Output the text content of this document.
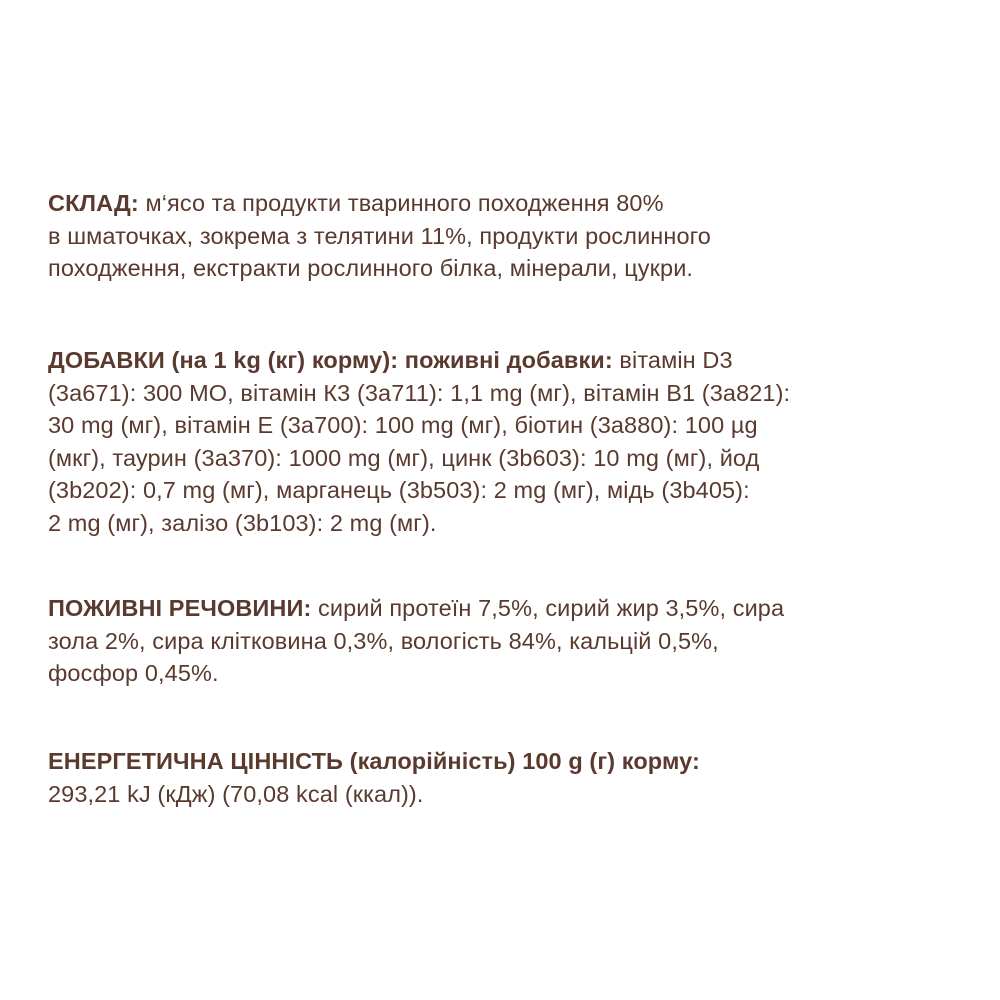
СКЛАД: м‘ясо та продукти тваринного походження 80%
в шматочках, зокрема з телятини 11%, продукти рослинного
походження, екстракти рослинного білка, мінерали, цукри.
ДОБАВКИ (на 1 kg (кг) корму): поживні добавки: вітамін D3
(3а671): 300 МО, вітамін К3 (3а711): 1,1 mg (мг), вітамін В1 (3а821):
30 mg (мг), вітамін Е (3а700): 100 mg (мг), біотин (3а880): 100 µg
(мкг), таурин (3а370): 1000 mg (мг), цинк (3b603): 10 mg (мг), йод
(3b202): 0,7 mg (мг), марганець (3b503): 2 mg (мг), мідь (3b405):
2 mg (мг), залізо (3b103): 2 mg (мг).
ПОЖИВНІ РЕЧОВИНИ: сирий протеїн 7,5%, сирий жир 3,5%, сира
зола 2%, сира клітковина 0,3%, вологість 84%, кальцій 0,5%,
фосфор 0,45%.
ЕНЕРГЕТИЧНА ЦІННІСТЬ (калорійність) 100 g (г) корму:
293,21 kJ (кДж) (70,08 kcal (ккал)).
